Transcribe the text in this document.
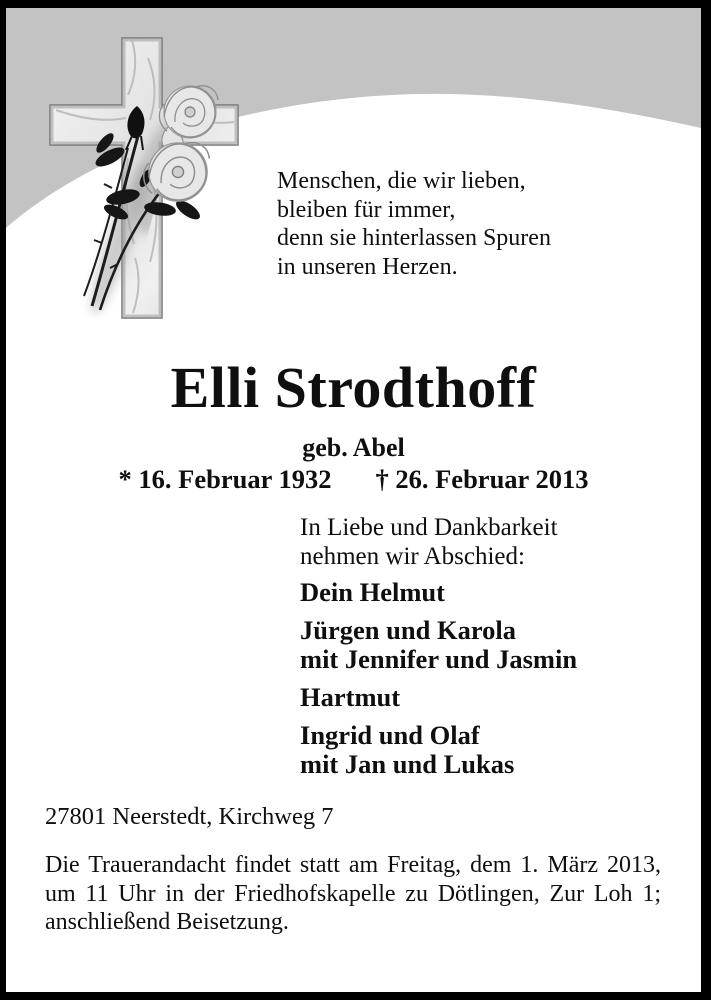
Menschen, die wir lieben,
bleiben für immer,
denn sie hinterlassen Spuren
in unseren Herzen.
Elli Strodthoff
geb. Abel
* 16. Februar 1932 † 26. Februar 2013
In Liebe und Dankbarkeit
nehmen wir Abschied:
Dein Helmut
Jürgen und Karola
mit Jennifer und Jasmin
Hartmut
Ingrid und Olaf
mit Jan und Lukas
27801 Neerstedt, Kirchweg 7

Die Trauerandacht findet statt am Freitag, dem 1. März 2013, um 11 Uhr in der Friedhofskapelle zu Dötlingen, Zur Loh 1; anschließend Beisetzung.
